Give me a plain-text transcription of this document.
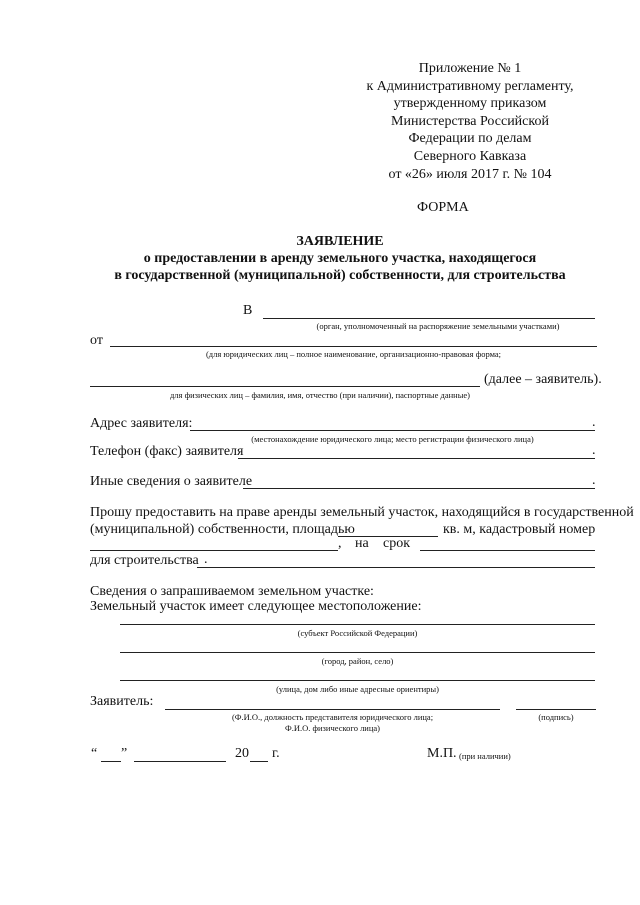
Приложение № 1
к Административному регламенту,
утвержденному приказом
Министерства Российской
Федерации по делам
Северного Кавказа
от «26» июля 2017 г. № 104
ФОРМА
ЗАЯВЛЕНИЕ
о предоставлении в аренду земельного участка, находящегося
в государственной (муниципальной) собственности, для строительства
В
(орган, уполномоченный на распоряжение земельными участками)
от
(для юридических лиц – полное наименование, организационно-правовая форма;
(далее – заявитель).
для физических лиц – фамилия, имя, отчество (при наличии), паспортные данные)
Адрес заявителя:	.
(местонахождение юридического лица; место регистрации физического лица)
Телефон (факс) заявителя	.
Иные сведения о заявителе	.
Прошу предоставить на праве аренды земельный участок, находящийся в государственной
(муниципальной) собственности, площадью	кв. м, кадастровый номер
, на срок
для строительства .
Сведения о запрашиваемом земельном участке:
Земельный участок имеет следующее местоположение:
(субъект Российской Федерации)
(город, район, село)
(улица, дом либо иные адресные ориентиры)
Заявитель:
(Ф.И.О., должность представителя юридического лица;
Ф.И.О. физического лица)
(подпись)
“ ”	20 г.	М.П. (при наличии)
